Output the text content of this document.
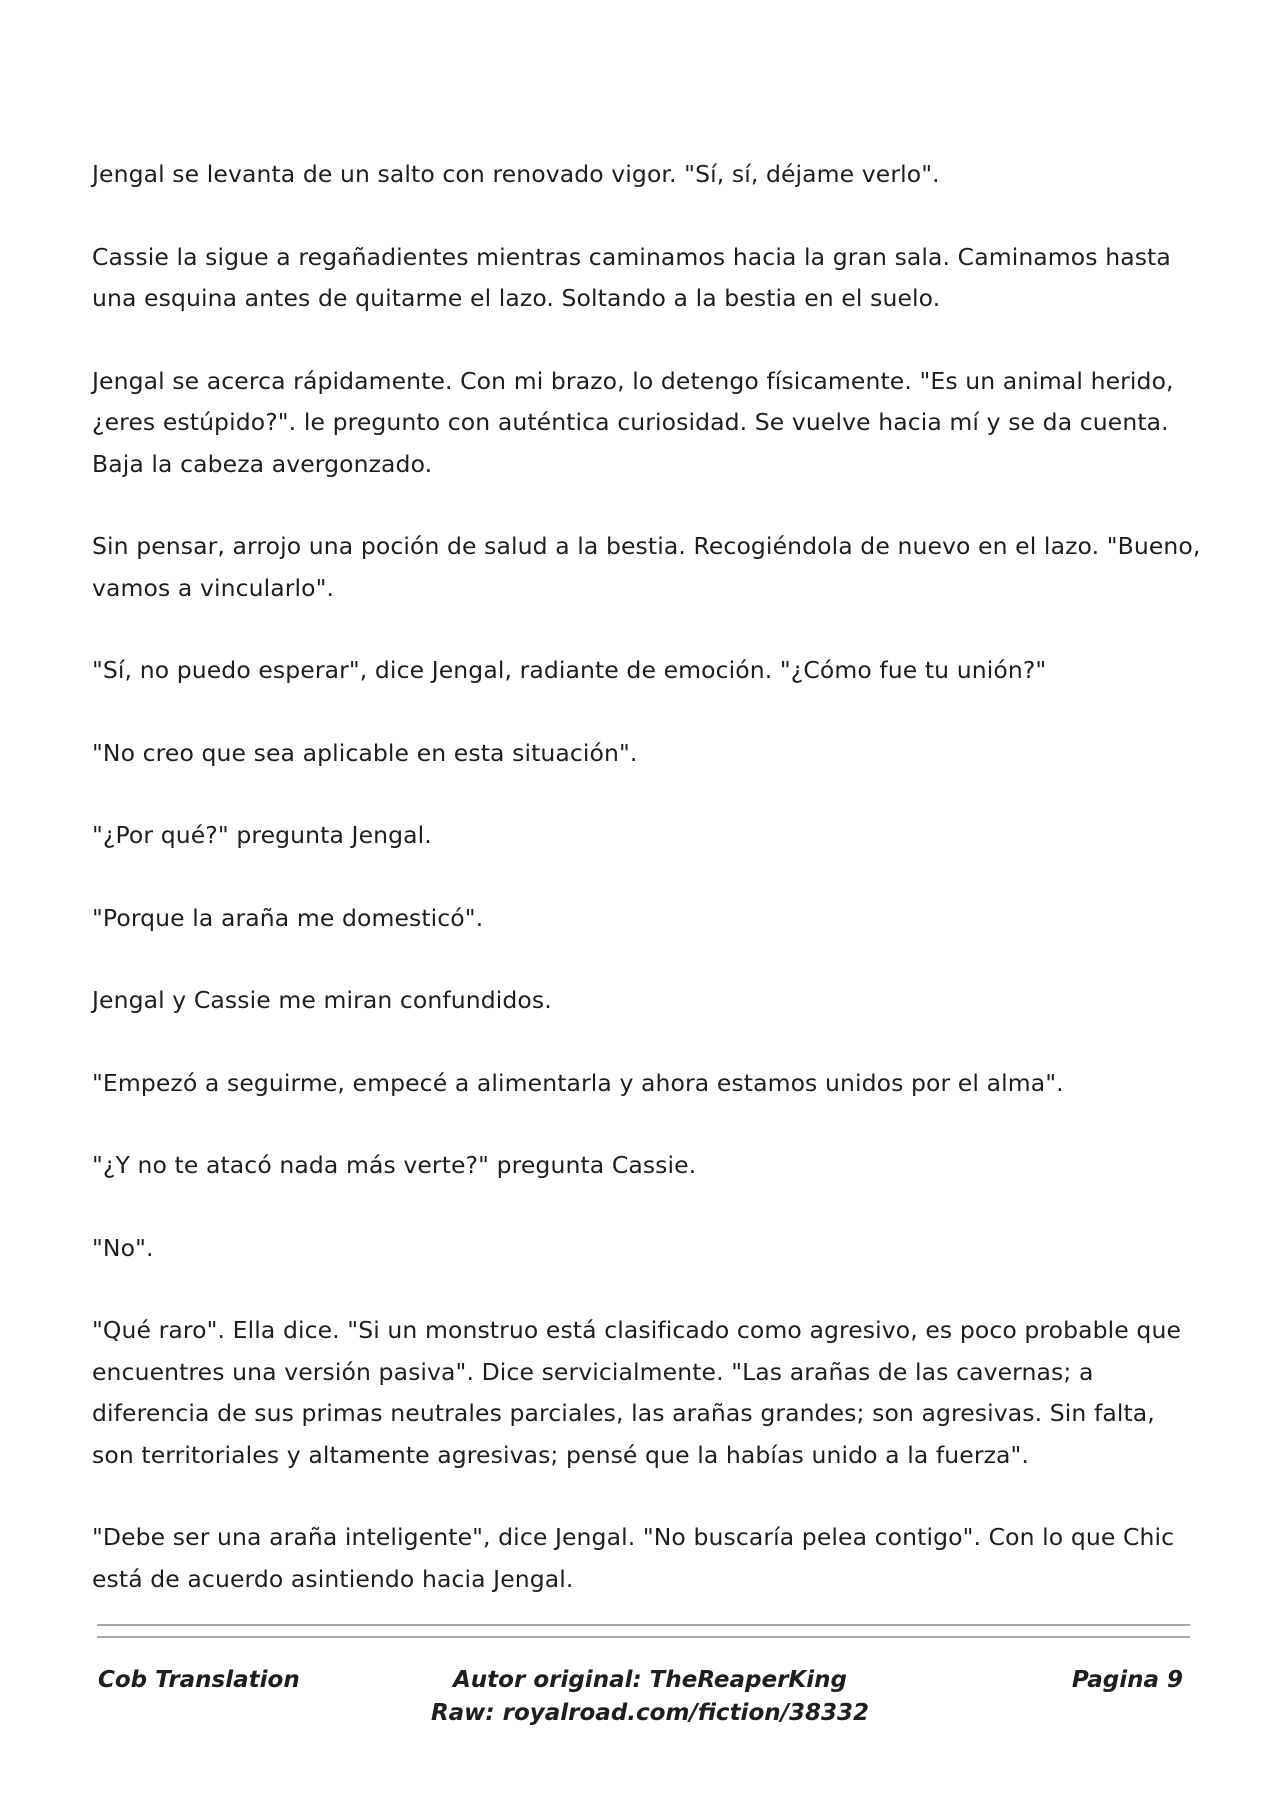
Jengal se levanta de un salto con renovado vigor. "Sí, sí, déjame verlo".

Cassie la sigue a regañadientes mientras caminamos hacia la gran sala. Caminamos hasta una esquina antes de quitarme el lazo. Soltando a la bestia en el suelo.

Jengal se acerca rápidamente. Con mi brazo, lo detengo físicamente. "Es un animal herido, ¿eres estúpido?". le pregunto con auténtica curiosidad. Se vuelve hacia mí y se da cuenta. Baja la cabeza avergonzado.

Sin pensar, arrojo una poción de salud a la bestia. Recogiéndola de nuevo en el lazo. "Bueno, vamos a vincularlo".

"Sí, no puedo esperar", dice Jengal, radiante de emoción. "¿Cómo fue tu unión?"

"No creo que sea aplicable en esta situación".

"¿Por qué?" pregunta Jengal.

"Porque la araña me domesticó".

Jengal y Cassie me miran confundidos.

"Empezó a seguirme, empecé a alimentarla y ahora estamos unidos por el alma".

"¿Y no te atacó nada más verte?" pregunta Cassie.

"No".

"Qué raro". Ella dice. "Si un monstruo está clasificado como agresivo, es poco probable que encuentres una versión pasiva". Dice servicialmente. "Las arañas de las cavernas; a diferencia de sus primas neutrales parciales, las arañas grandes; son agresivas. Sin falta, son territoriales y altamente agresivas; pensé que la habías unido a la fuerza".

"Debe ser una araña inteligente", dice Jengal. "No buscaría pelea contigo". Con lo que Chic está de acuerdo asintiendo hacia Jengal.

Cob Translation	Autor original: TheReaperKing
Raw: royalroad.com/fiction/38332
Pagina 9
